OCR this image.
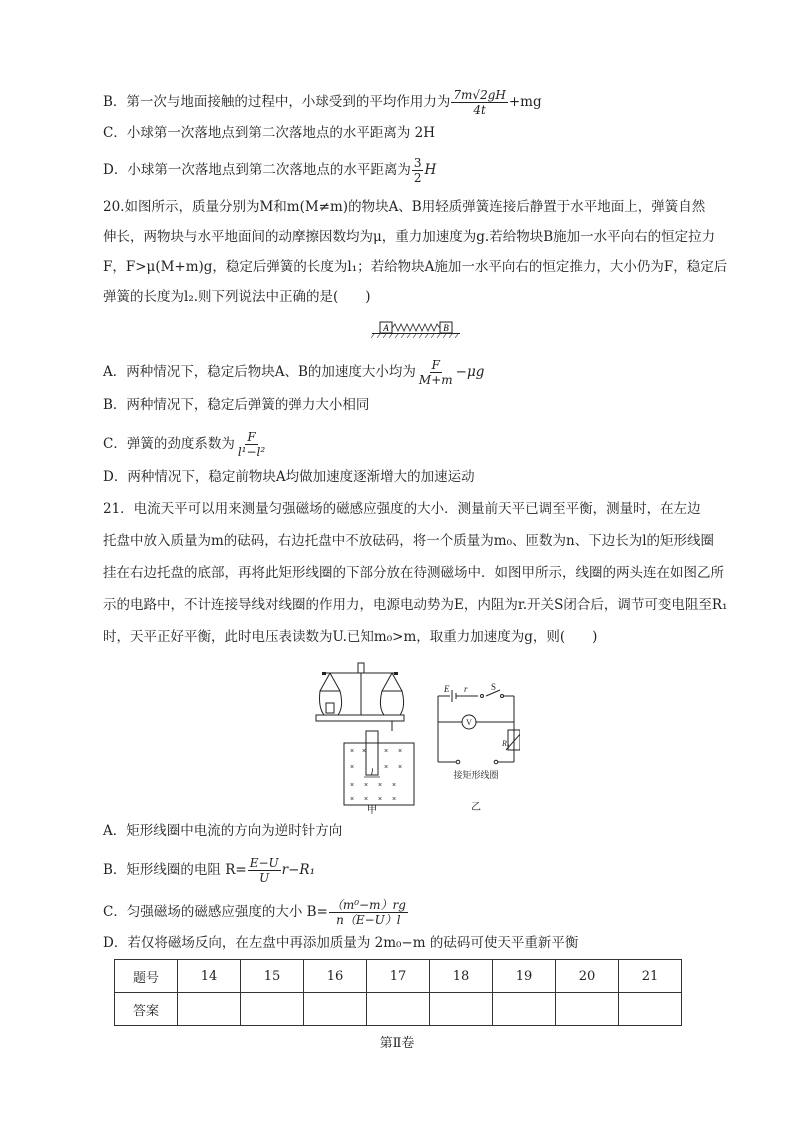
B．第一次与地面接触的过程中，小球受到的平均作用力为 $\frac{7m√2gH}{4t} +mg$
C．小球第一次落地点到第二次落地点的水平距离为 2H
D．小球第一次落地点到第二次落地点的水平距离为 $\frac{3}{2}$ H
20.如图所示，质量分别为M和m(M≠m)的物块A、B用轻质弹簧连接后静置于水平地面上，弹簧自然
伸长，两物块与水平地面间的动摩擦因数均为μ，重力加速度为g.若给物块B施加一水平向右的恒定拉力
F，F>μ(M+m)g，稳定后弹簧的长度为l₁；若给物块A施加一水平向右的恒定推力，大小仍为F，稳定后
弹簧的长度为l₂.则下列说法中正确的是(　　)
A	B
A．两种情况下，稳定后物块A、B的加速度大小均为 $\frac{F}{M+m} -\mu g$
B．两种情况下，稳定后弹簧的弹力大小相同
C．弹簧的劲度系数为 $\frac{F}{\text{l¹−l²}}$
D．两种情况下，稳定前物块A均做加速度逐渐增大的加速运动
21．电流天平可以用来测量匀强磁场的磁感应强度的大小．测量前天平已调至平衡，测量时，在左边
托盘中放入质量为m的砝码，右边托盘中不放砝码，将一个质量为m₀、匝数为n、下边长为l的矩形线圈
挂在右边托盘的底部，再将此矩形线圈的下部分放在待测磁场中．如图甲所示，线圈的两头连在如图乙所
示的电路中，不计连接导线对线圈的作用力，电源电动势为E，内阻为r.开关S闭合后，调节可变电阻至R₁
时，天平正好平衡，此时电压表读数为U.已知m₀>m，取重力加速度为g，则(　　)
× ×	× ×
×	× ×
× × × ×
× × × ×
l
甲
E r	S
V
R₁
接矩形线圈
乙
A．矩形线圈中电流的方向为逆时针方向
B．矩形线圈的电阻 $R= \frac{E-U}{U} r-R_1$
C．匀强磁场的磁感应强度的大小 $B= \frac{\text{（m⁰−m）rg}}{n(E-U)l}$
D．若仅将磁场反向，在左盘中再添加质量为 2m₀−m 的砝码可使天平重新平衡
题号	14	15	16	17	18	19	20	21
答案								
第Ⅱ卷
